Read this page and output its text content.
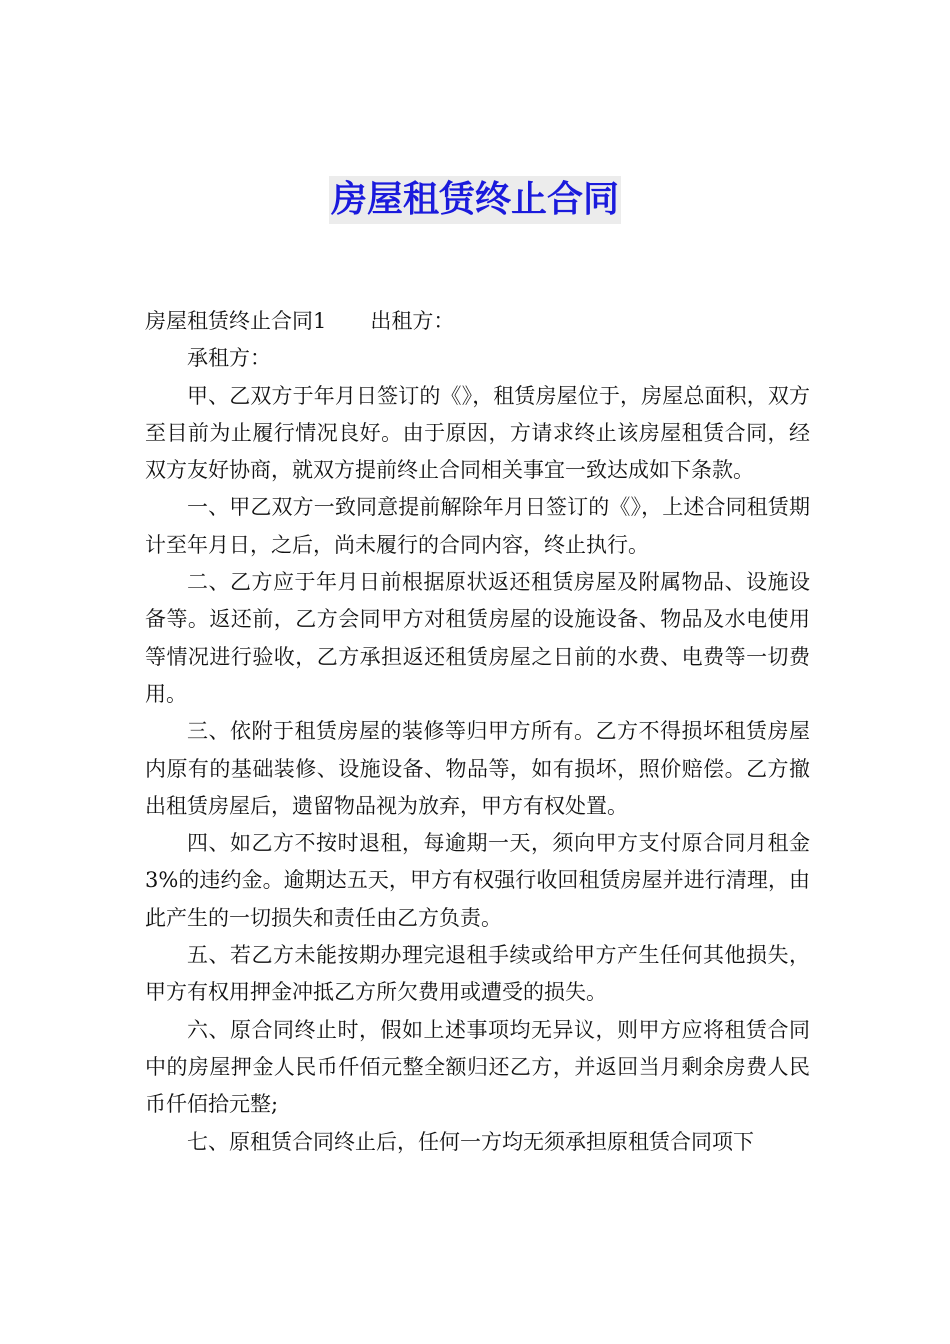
房屋租赁终止合同

房屋租赁终止合同1 出租方：

承租方：

甲、乙双方于年月日签订的《》，租赁房屋位于，房屋总面积，双方至目前为止履行情况良好。由于原因，方请求终止该房屋租赁合同，经双方友好协商，就双方提前终止合同相关事宜一致达成如下条款。

一、甲乙双方一致同意提前解除年月日签订的《》，上述合同租赁期计至年月日，之后，尚未履行的合同内容，终止执行。

二、乙方应于年月日前根据原状返还租赁房屋及附属物品、设施设备等。返还前，乙方会同甲方对租赁房屋的设施设备、物品及水电使用等情况进行验收，乙方承担返还租赁房屋之日前的水费、电费等一切费用。

三、依附于租赁房屋的装修等归甲方所有。乙方不得损坏租赁房屋内原有的基础装修、设施设备、物品等，如有损坏，照价赔偿。乙方撤出租赁房屋后，遗留物品视为放弃，甲方有权处置。

四、如乙方不按时退租，每逾期一天，须向甲方支付原合同月租金3%的违约金。逾期达五天，甲方有权强行收回租赁房屋并进行清理，由此产生的一切损失和责任由乙方负责。

五、若乙方未能按期办理完退租手续或给甲方产生任何其他损失，甲方有权用押金冲抵乙方所欠费用或遭受的损失。

六、原合同终止时，假如上述事项均无异议，则甲方应将租赁合同中的房屋押金人民币仟佰元整全额归还乙方，并返回当月剩余房费人民币仟佰拾元整;

七、原租赁合同终止后，任何一方均无须承担原租赁合同项下
